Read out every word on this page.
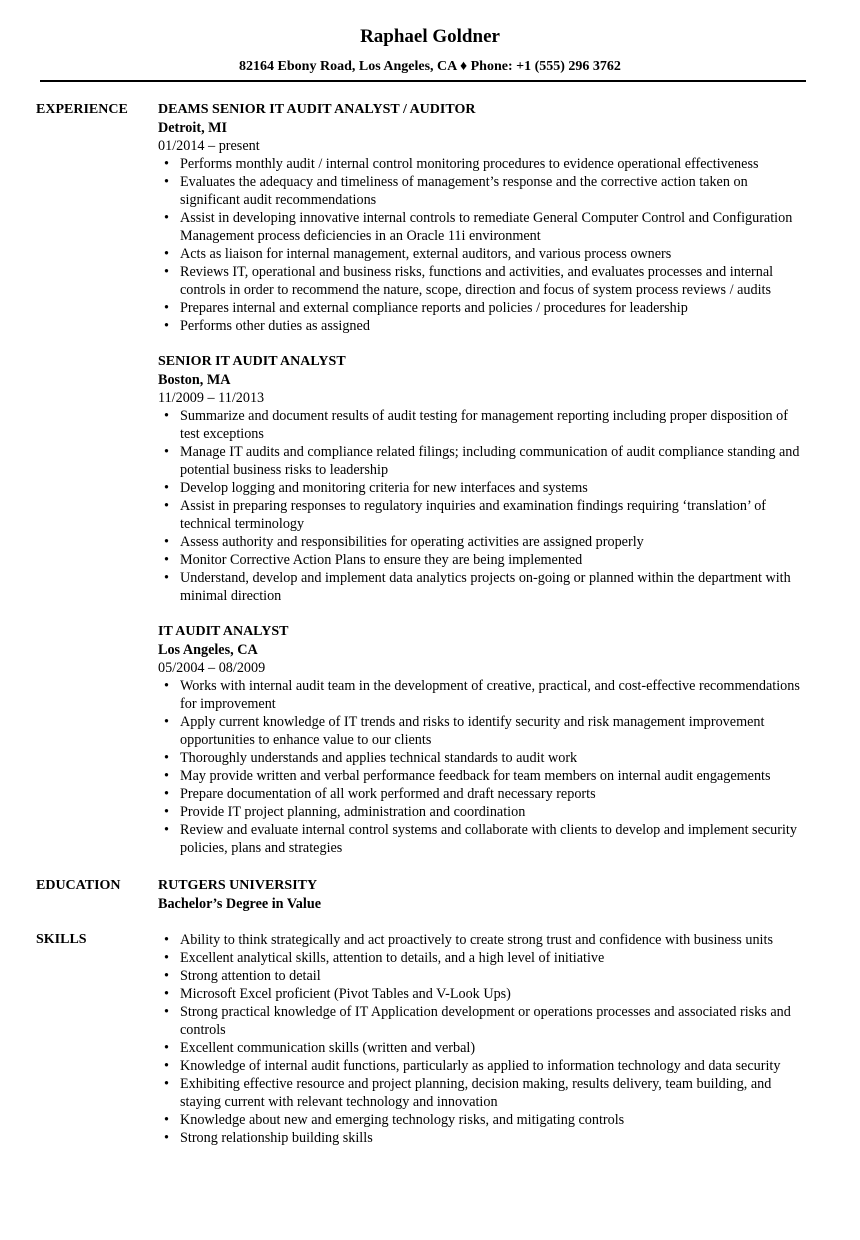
Raphael Goldner
82164 Ebony Road, Los Angeles, CA ♦ Phone: +1 (555) 296 3762
EXPERIENCE	DEAMS SENIOR IT AUDIT ANALYST / AUDITOR
Detroit, MI
01/2014 – present
• Performs monthly audit / internal control monitoring procedures to evidence operational effectiveness
• Evaluates the adequacy and timeliness of management’s response and the corrective action taken on significant audit recommendations
• Assist in developing innovative internal controls to remediate General Computer Control and Configuration Management process deficiencies in an Oracle 11i environment
• Acts as liaison for internal management, external auditors, and various process owners
• Reviews IT, operational and business risks, functions and activities, and evaluates processes and internal controls in order to recommend the nature, scope, direction and focus of system process reviews / audits
• Prepares internal and external compliance reports and policies / procedures for leadership
• Performs other duties as assigned
SENIOR IT AUDIT ANALYST
Boston, MA
11/2009 – 11/2013
• Summarize and document results of audit testing for management reporting including proper disposition of test exceptions
• Manage IT audits and compliance related filings; including communication of audit compliance standing and potential business risks to leadership
• Develop logging and monitoring criteria for new interfaces and systems
• Assist in preparing responses to regulatory inquiries and examination findings requiring ‘translation’ of technical terminology
• Assess authority and responsibilities for operating activities are assigned properly
• Monitor Corrective Action Plans to ensure they are being implemented
• Understand, develop and implement data analytics projects on-going or planned within the department with minimal direction
IT AUDIT ANALYST
Los Angeles, CA
05/2004 – 08/2009
• Works with internal audit team in the development of creative, practical, and cost-effective recommendations for improvement
• Apply current knowledge of IT trends and risks to identify security and risk management improvement opportunities to enhance value to our clients
• Thoroughly understands and applies technical standards to audit work
• May provide written and verbal performance feedback for team members on internal audit engagements
• Prepare documentation of all work performed and draft necessary reports
• Provide IT project planning, administration and coordination
• Review and evaluate internal control systems and collaborate with clients to develop and implement security policies, plans and strategies
EDUCATION	RUTGERS UNIVERSITY
Bachelor’s Degree in Value
SKILLS
•	Ability to think strategically and act proactively to create strong trust and confidence with business units
• Excellent analytical skills, attention to details, and a high level of initiative
• Strong attention to detail
• Microsoft Excel proficient (Pivot Tables and V-Look Ups)
• Strong practical knowledge of IT Application development or operations processes and associated risks and controls
• Excellent communication skills (written and verbal)
• Knowledge of internal audit functions, particularly as applied to information technology and data security
• Exhibiting effective resource and project planning, decision making, results delivery, team building, and staying current with relevant technology and innovation
• Knowledge about new and emerging technology risks, and mitigating controls
• Strong relationship building skills
